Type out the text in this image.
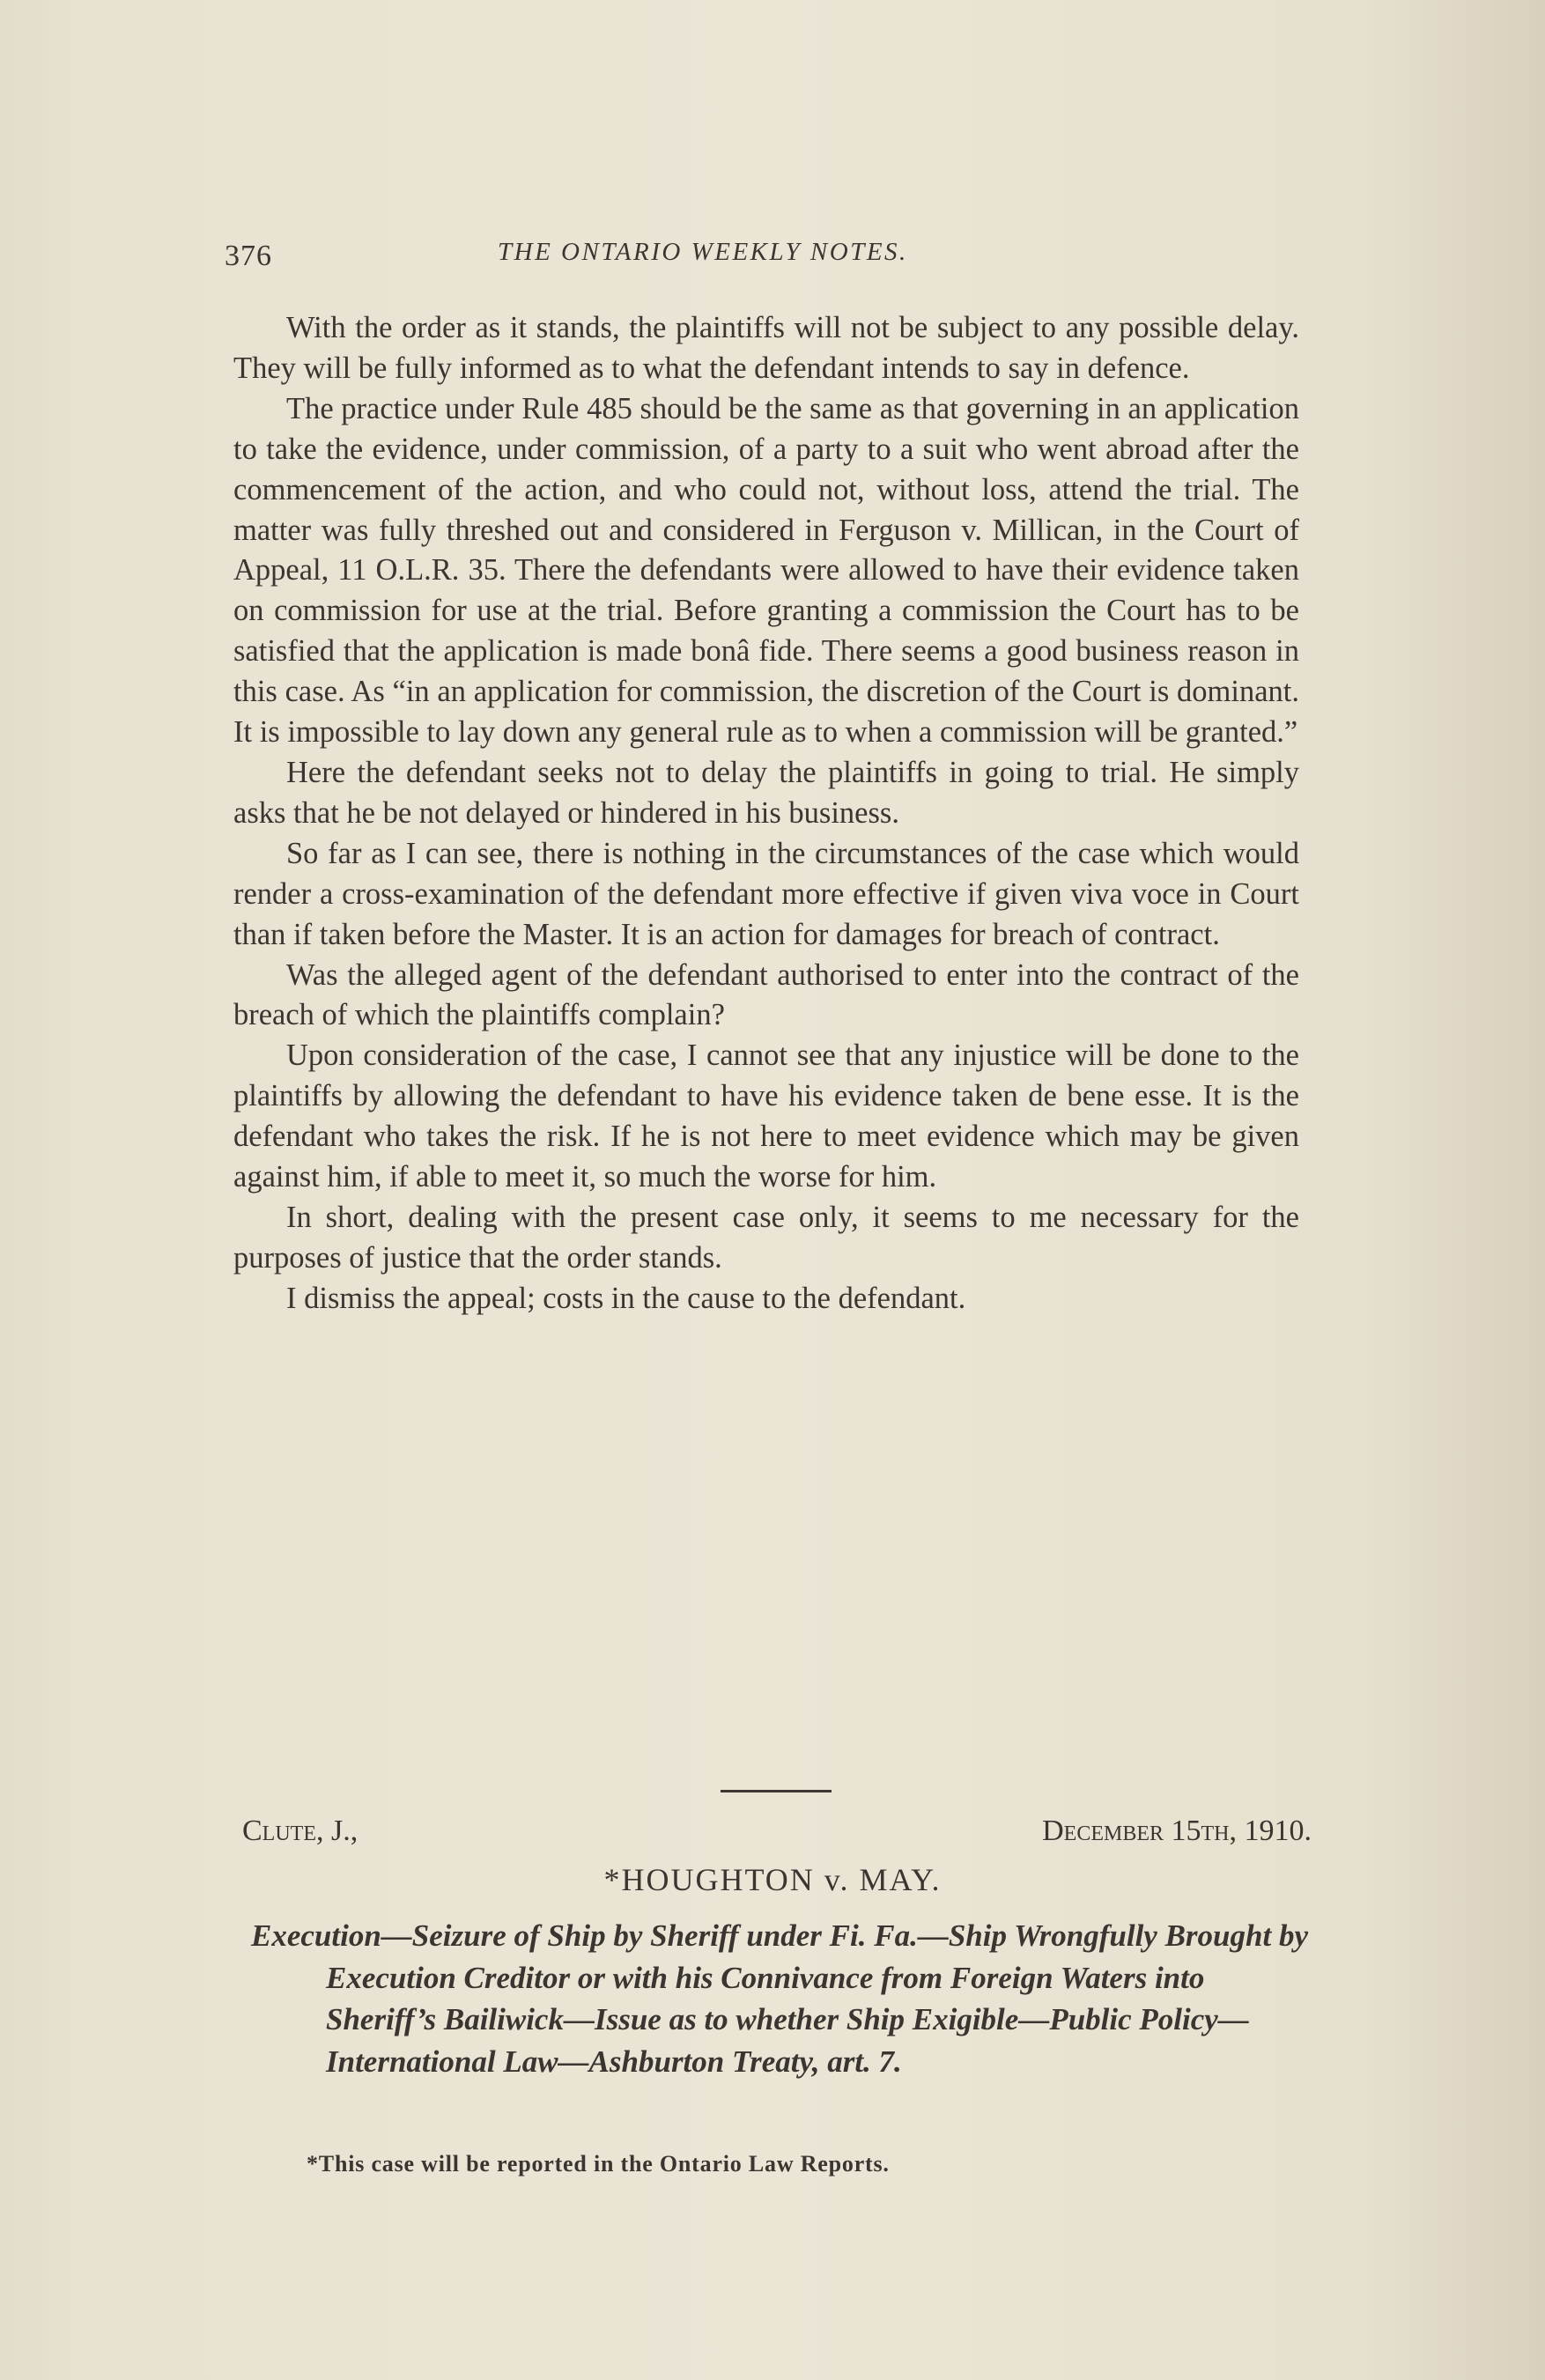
376	THE ONTARIO WEEKLY NOTES.

With the order as it stands, the plaintiffs will not be subject to any possible delay. They will be fully informed as to what the defendant intends to say in defence.

The practice under Rule 485 should be the same as that governing in an application to take the evidence, under commission, of a party to a suit who went abroad after the commencement of the action, and who could not, without loss, attend the trial. The matter was fully threshed out and considered in Ferguson v. Millican, in the Court of Appeal, 11 O.L.R. 35. There the defendants were allowed to have their evidence taken on commission for use at the trial. Before granting a commission the Court has to be satisfied that the application is made bonâ fide. There seems a good business reason in this case. As “in an application for commission, the discretion of the Court is dominant. It is impossible to lay down any general rule as to when a commission will be granted.”

Here the defendant seeks not to delay the plaintiffs in going to trial. He simply asks that he be not delayed or hindered in his business.

So far as I can see, there is nothing in the circumstances of the case which would render a cross-examination of the defendant more effective if given viva voce in Court than if taken before the Master. It is an action for damages for breach of contract.

Was the alleged agent of the defendant authorised to enter into the contract of the breach of which the plaintiffs complain?

Upon consideration of the case, I cannot see that any injustice will be done to the plaintiffs by allowing the defendant to have his evidence taken de bene esse. It is the defendant who takes the risk. If he is not here to meet evidence which may be given against him, if able to meet it, so much the worse for him.

In short, dealing with the present case only, it seems to me necessary for the purposes of justice that the order stands.

I dismiss the appeal; costs in the cause to the defendant.

Clute, J.,	December 15th, 1910.
*HOUGHTON v. MAY.
Execution—Seizure of Ship by Sheriff under Fi. Fa.—Ship Wrongfully Brought by Execution Creditor or with his Connivance from Foreign Waters into Sheriff’s Bailiwick—Issue as to whether Ship Exigible—Public Policy—International Law—Ashburton Treaty, art. 7.
*This case will be reported in the Ontario Law Reports.
